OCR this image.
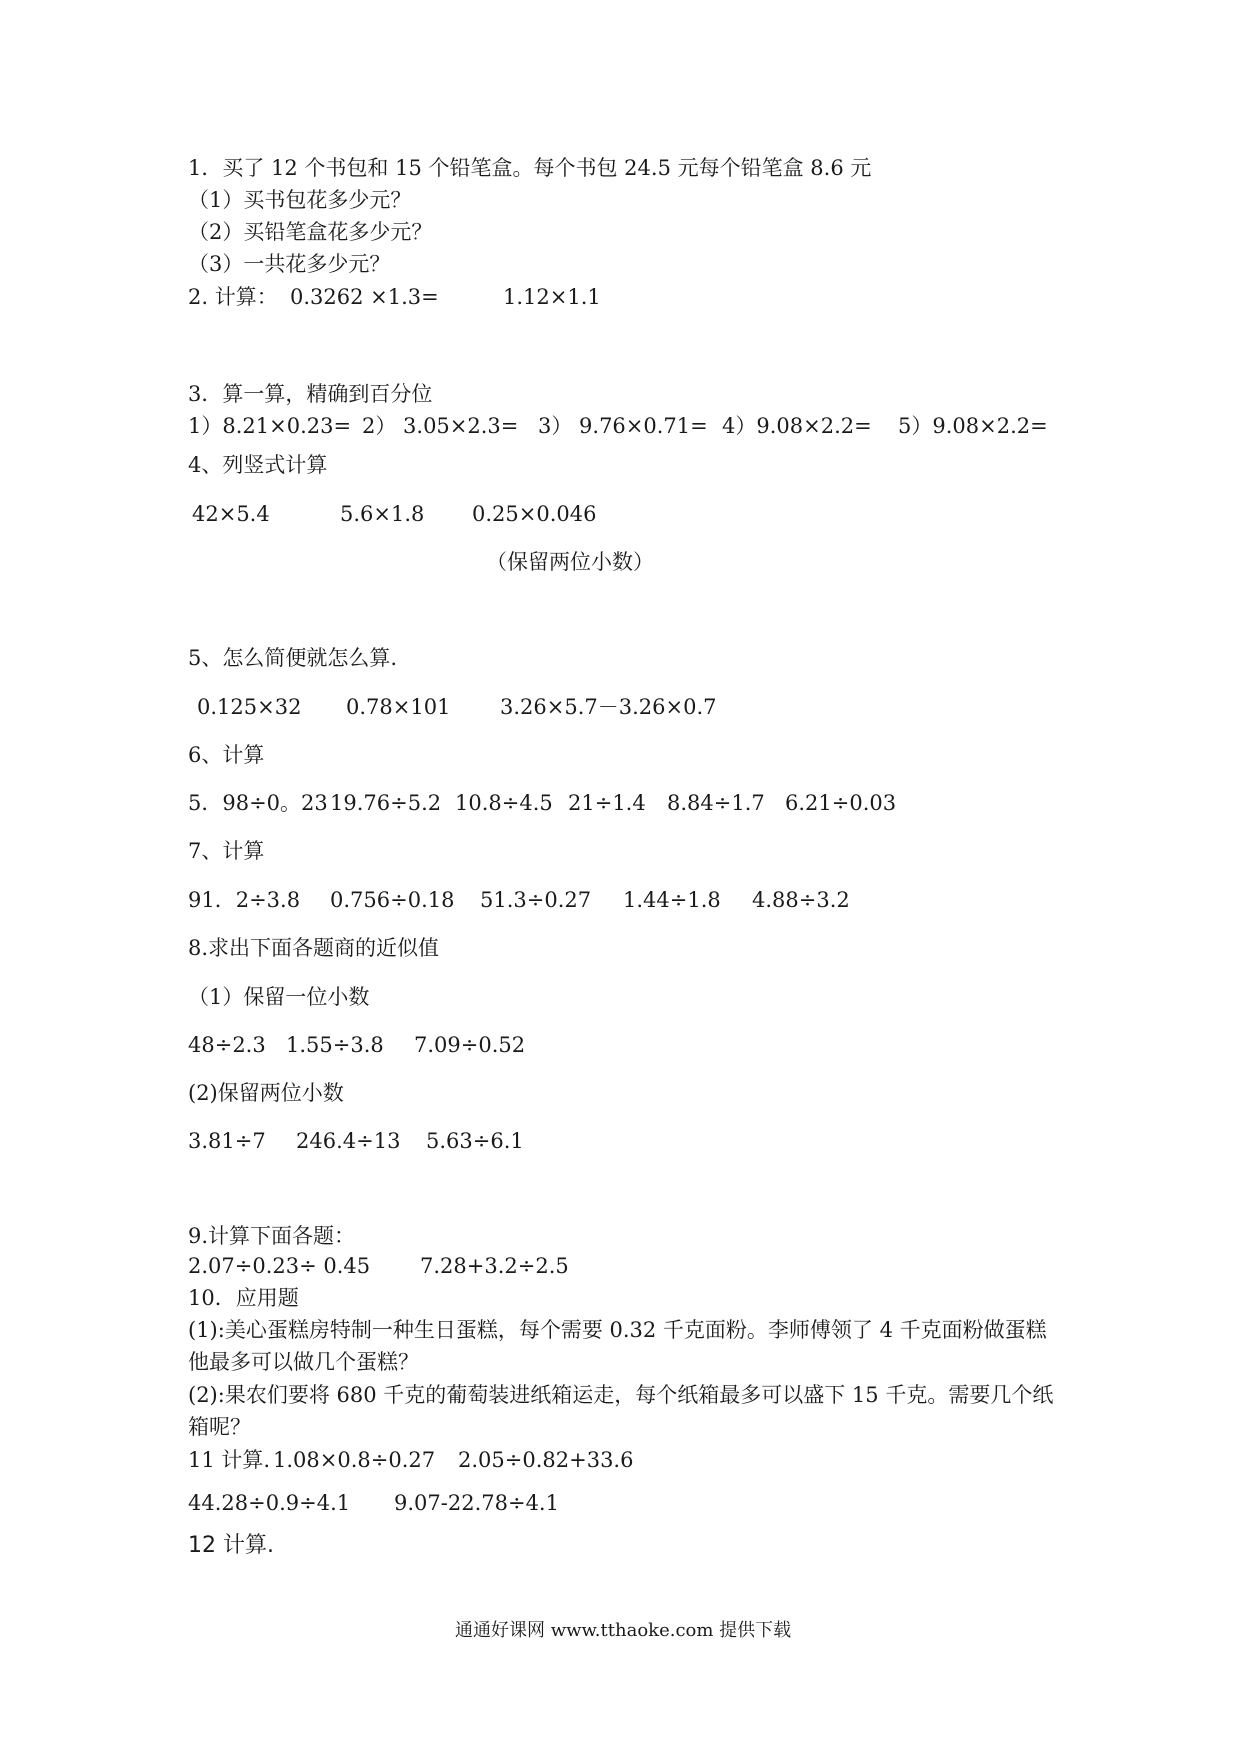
1．买了 12 个书包和 15 个铅笔盒。每个书包 24.5 元每个铅笔盒 8.6 元
（1）买书包花多少元？
（2）买铅笔盒花多少元？
（3）一共花多少元？
2. 计算： 0.3262 ×1.3=	1.12×1.1
3．算一算，精确到百分位
1）8.21×0.23= 2） 3.05×2.3= 3） 9.76×0.71= 4）9.08×2.2= 5）9.08×2.2=
4、列竖式计算
42×5.4	5.6×1.8 0.25×0.046
（保留两位小数）
5、怎么简便就怎么算.
0.125×32 0.78×101 3.26×5.7－3.26×0.7
6、计算
5．98÷0。23 19.76÷5.2 10.8÷4.5 21÷1.4 8.84÷1.7 6.21÷0.03
7、计算
91．2÷3.8 0.756÷0.18 51.3÷0.27 1.44÷1.8 4.88÷3.2
8.求出下面各题商的近似值
（1）保留一位小数
48÷2.3 1.55÷3.8 7.09÷0.52
(2)保留两位小数
3.81÷7 246.4÷13 5.63÷6.1
9.计算下面各题：
2.07÷0.23÷ 0.45 7.28+3.2÷2.5
10．应用题
(1):美心蛋糕房特制一种生日蛋糕，每个需要 0.32 千克面粉。李师傅领了 4 千克面粉做蛋糕
他最多可以做几个蛋糕？
(2):果农们要将 680 千克的葡萄装进纸箱运走，每个纸箱最多可以盛下 15 千克。需要几个纸
箱呢？
11 计算. 1.08×0.8÷0.27 2.05÷0.82+33.6
44.28÷0.9÷4.1 9.07-22.78÷4.1
12 计算.
通通好课网 www.tthaoke.com 提供下载
